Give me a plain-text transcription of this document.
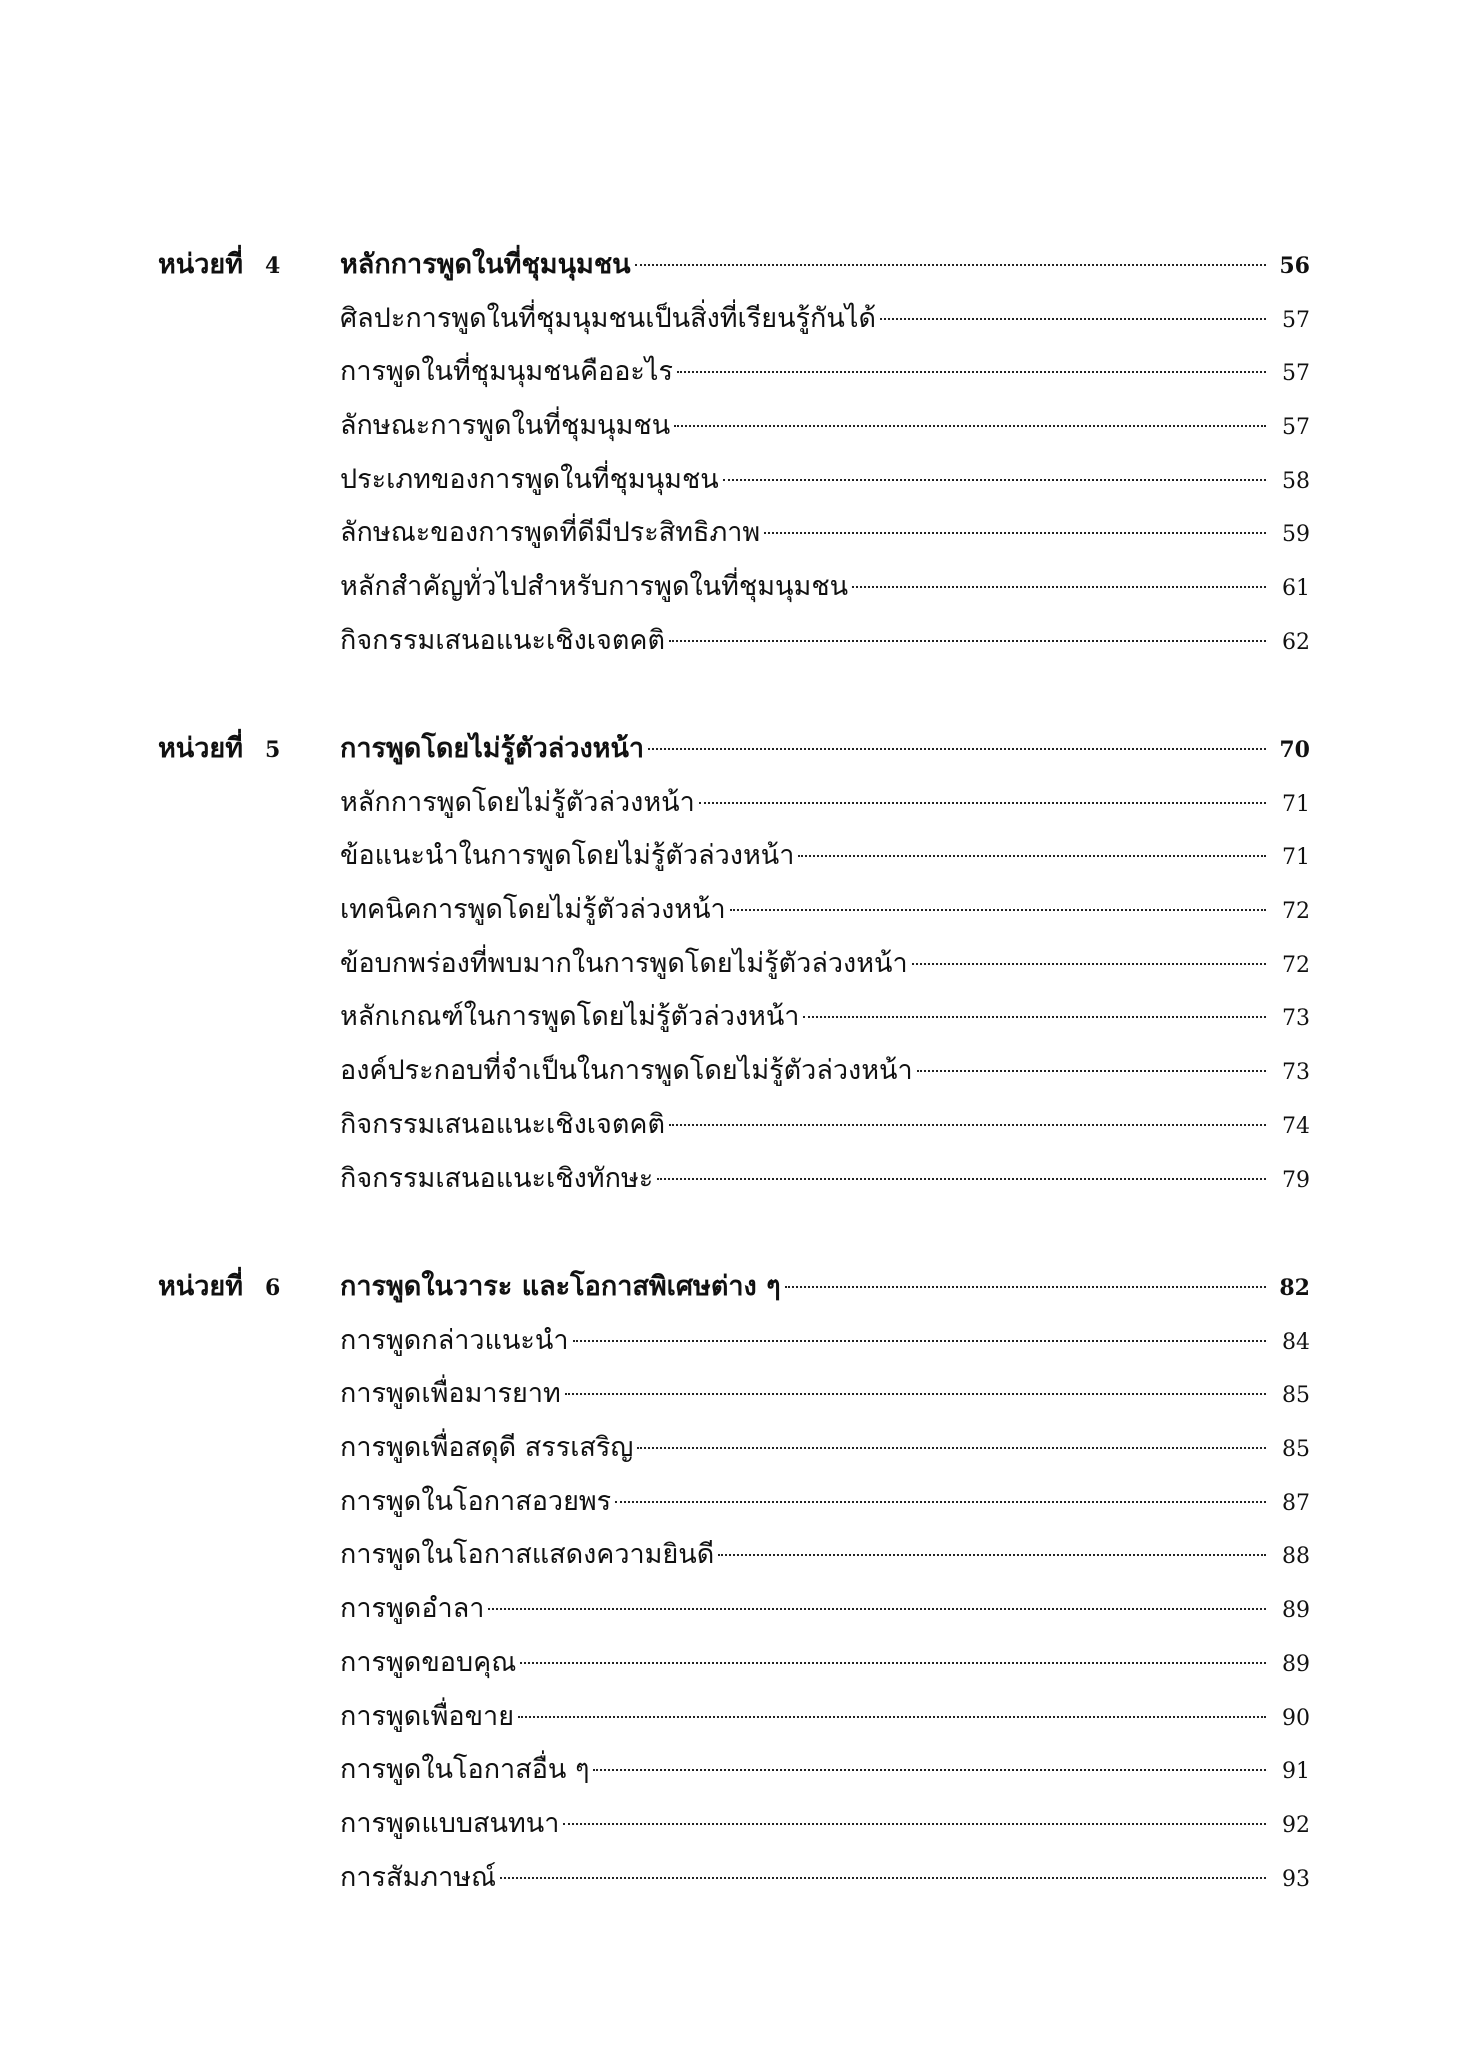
หน่วยที่ 4 หลักการพูดในที่ชุมนุมชน	56
ศิลปะการพูดในที่ชุมนุมชนเป็นสิ่งที่เรียนรู้กันได้	57
การพูดในที่ชุมนุมชนคืออะไร	57
ลักษณะการพูดในที่ชุมนุมชน	57
ประเภทของการพูดในที่ชุมนุมชน	58
ลักษณะของการพูดที่ดีมีประสิทธิภาพ	59
หลักสำคัญทั่วไปสำหรับการพูดในที่ชุมนุมชน	61
กิจกรรมเสนอแนะเชิงเจตคติ	62
หน่วยที่ 5 การพูดโดยไม่รู้ตัวล่วงหน้า	70
หลักการพูดโดยไม่รู้ตัวล่วงหน้า	71
ข้อแนะนำในการพูดโดยไม่รู้ตัวล่วงหน้า	71
เทคนิคการพูดโดยไม่รู้ตัวล่วงหน้า	72
ข้อบกพร่องที่พบมากในการพูดโดยไม่รู้ตัวล่วงหน้า	72
หลักเกณฑ์ในการพูดโดยไม่รู้ตัวล่วงหน้า	73
องค์ประกอบที่จำเป็นในการพูดโดยไม่รู้ตัวล่วงหน้า	73
กิจกรรมเสนอแนะเชิงเจตคติ	74
กิจกรรมเสนอแนะเชิงทักษะ	79
หน่วยที่ 6 การพูดในวาระ และโอกาสพิเศษต่าง ๆ	82
การพูดกล่าวแนะนำ	84
การพูดเพื่อมารยาท	85
การพูดเพื่อสดุดี สรรเสริญ	85
การพูดในโอกาสอวยพร	87
การพูดในโอกาสแสดงความยินดี	88
การพูดอำลา	89
การพูดขอบคุณ	89
การพูดเพื่อขาย	90
การพูดในโอกาสอื่น ๆ	91
การพูดแบบสนทนา	92
การสัมภาษณ์	93
